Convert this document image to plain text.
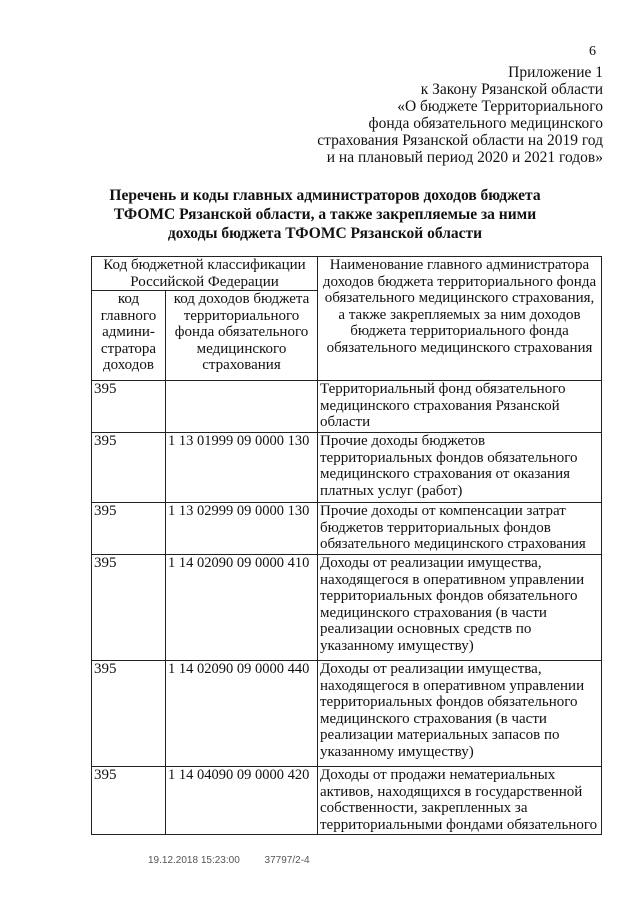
6
Приложение 1
к Закону Рязанской области
«О бюджете Территориального
фонда обязательного медицинского
страхования Рязанской области на 2019 год
и на плановый период 2020 и 2021 годов»
Перечень и коды главных администраторов доходов бюджета ТФОМС Рязанской области, а также закрепляемые за ними доходы бюджета ТФОМС Рязанской области
Код бюджетной классификации Российской Федерации		Наименование главного администратора доходов бюджета территориального фонда обязательного медицинского страхования, а также закрепляемых за ним доходов бюджета территориального фонда обязательного медицинского страхования
код главного админи-стратора доходов	код доходов бюджета территориального фонда обязательного медицинского страхования	
395		Территориальный фонд обязательного медицинского страхования Рязанской области
395	1 13 01999 09 0000 130	Прочие доходы бюджетов территориальных фондов обязательного медицинского страхования от оказания платных услуг (работ)
395	1 13 02999 09 0000 130	Прочие доходы от компенсации затрат бюджетов территориальных фондов обязательного медицинского страхования
395	1 14 02090 09 0000 410	Доходы от реализации имущества, находящегося в оперативном управлении территориальных фондов обязательного медицинского страхования (в части реализации основных средств по указанному имуществу)
395	1 14 02090 09 0000 440	Доходы от реализации имущества, находящегося в оперативном управлении территориальных фондов обязательного медицинского страхования (в части реализации материальных запасов по указанному имуществу)
395	1 14 04090 09 0000 420	Доходы от продажи нематериальных активов, находящихся в государственной собственности, закрепленных за территориальными фондами обязательного
19.12.2018 15:23:00 37797/2-4
